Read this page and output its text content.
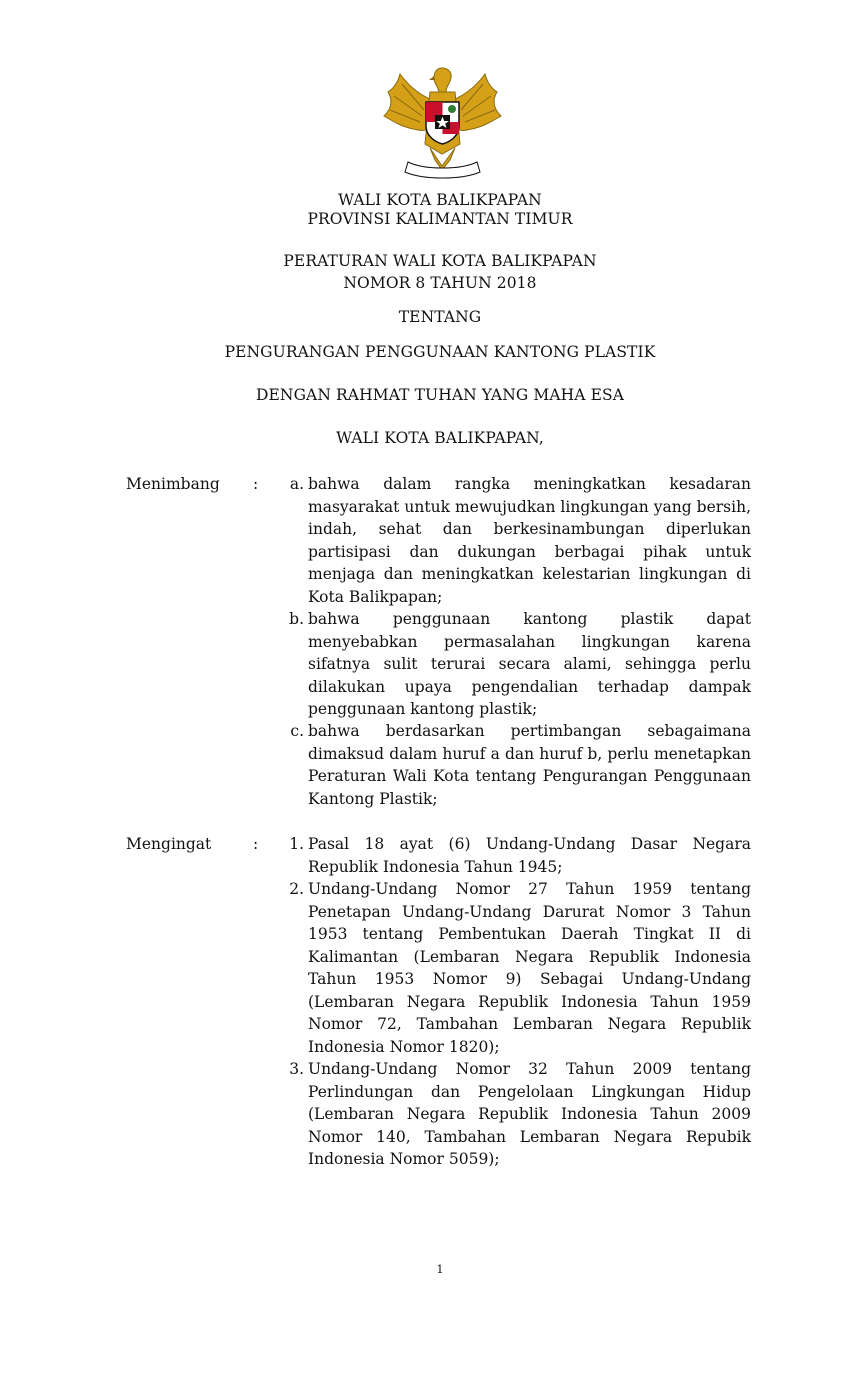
WALI KOTA BALIKPAPAN
PROVINSI KALIMANTAN TIMUR
PERATURAN WALI KOTA BALIKPAPAN
NOMOR 8 TAHUN 2018
TENTANG
PENGURANGAN PENGGUNAAN KANTONG PLASTIK
DENGAN RAHMAT TUHAN YANG MAHA ESA
WALI KOTA BALIKPAPAN,
Menimbang :	a. bahwa dalam rangka meningkatkan kesadaran masyarakat untuk mewujudkan lingkungan yang bersih, indah, sehat dan berkesinambungan diperlukan partisipasi dan dukungan berbagai pihak untuk menjaga dan meningkatkan kelestarian lingkungan di Kota Balikpapan;
b. bahwa penggunaan kantong plastik dapat menyebabkan permasalahan lingkungan karena sifatnya sulit terurai secara alami, sehingga perlu dilakukan upaya pengendalian terhadap dampak penggunaan kantong plastik;
c. bahwa berdasarkan pertimbangan sebagaimana dimaksud dalam huruf a dan huruf b, perlu menetapkan Peraturan Wali Kota tentang Pengurangan Penggunaan Kantong Plastik;
Mengingat	:	1. Pasal 18 ayat (6) Undang-Undang Dasar Negara Republik Indonesia Tahun 1945;
2. Undang-Undang Nomor 27 Tahun 1959 tentang Penetapan Undang-Undang Darurat Nomor 3 Tahun 1953 tentang Pembentukan Daerah Tingkat II di Kalimantan (Lembaran Negara Republik Indonesia Tahun 1953 Nomor 9) Sebagai Undang-Undang (Lembaran Negara Republik Indonesia Tahun 1959 Nomor 72, Tambahan Lembaran Negara Republik Indonesia Nomor 1820);
3. Undang-Undang Nomor 32 Tahun 2009 tentang Perlindungan dan Pengelolaan Lingkungan Hidup (Lembaran Negara Republik Indonesia Tahun 2009 Nomor 140, Tambahan Lembaran Negara Repubik Indonesia Nomor 5059);
1
